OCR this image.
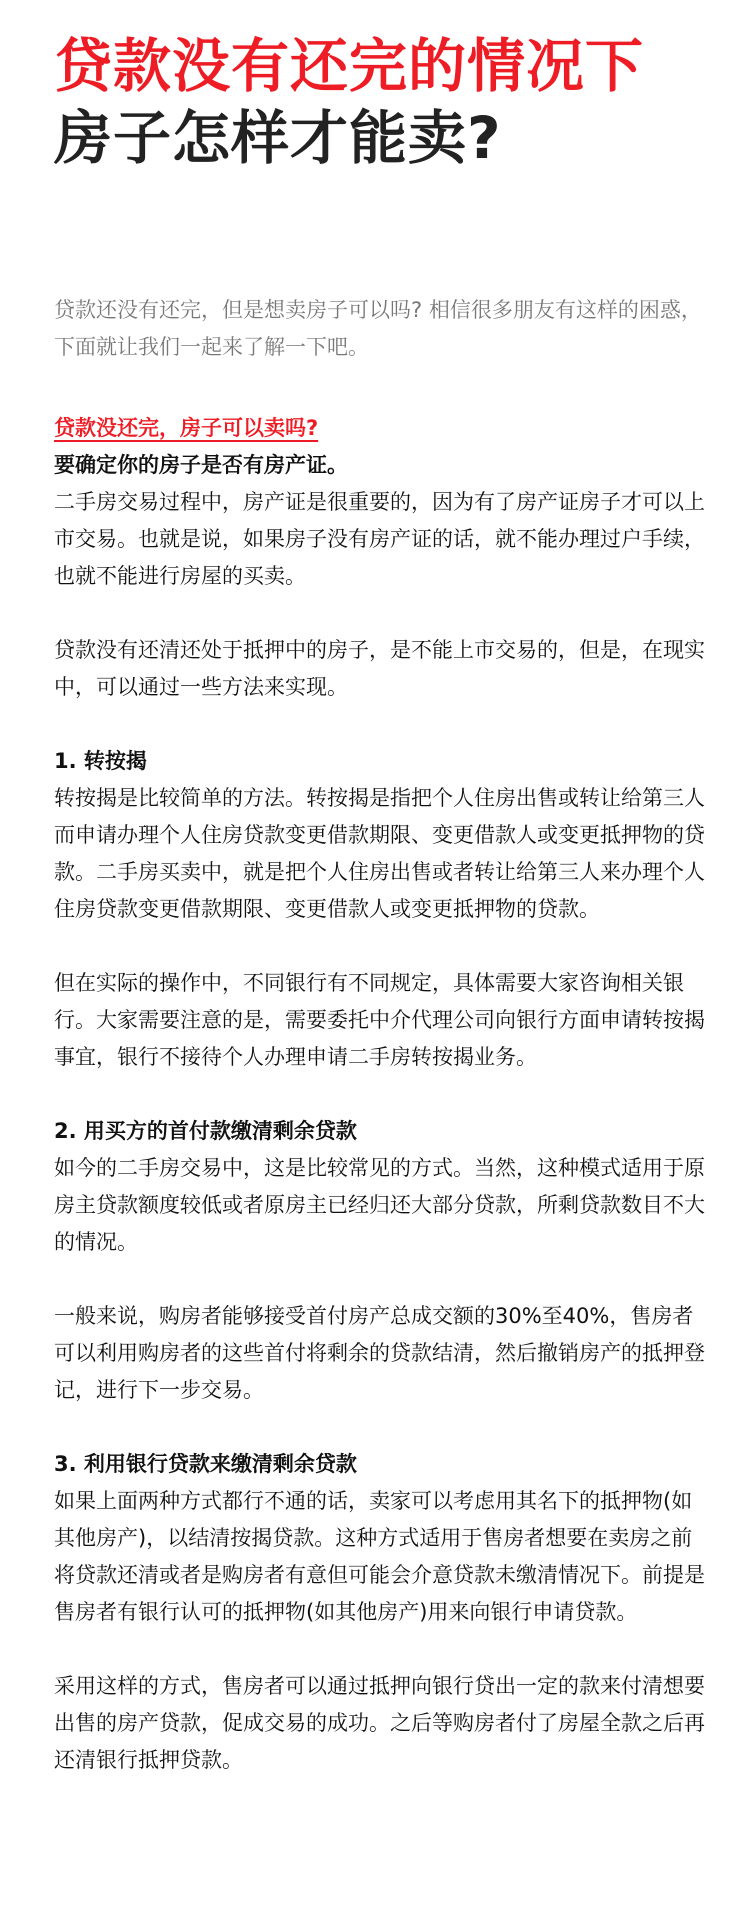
贷款没有还完的情况下
房子怎样才能卖?

贷款还没有还完，但是想卖房子可以吗? 相信很多朋友有这样的困惑，下面就让我们一起来了解一下吧。

贷款没还完，房子可以卖吗?

要确定你的房子是否有房产证。

二手房交易过程中，房产证是很重要的，因为有了房产证房子才可以上市交易。也就是说，如果房子没有房产证的话，就不能办理过户手续，也就不能进行房屋的买卖。

贷款没有还清还处于抵押中的房子，是不能上市交易的，但是，在现实中，可以通过一些方法来实现。

1. 转按揭

转按揭是比较简单的方法。转按揭是指把个人住房出售或转让给第三人而申请办理个人住房贷款变更借款期限、变更借款人或变更抵押物的贷款。二手房买卖中，就是把个人住房出售或者转让给第三人来办理个人住房贷款变更借款期限、变更借款人或变更抵押物的贷款。

但在实际的操作中，不同银行有不同规定，具体需要大家咨询相关银行。大家需要注意的是，需要委托中介代理公司向银行方面申请转按揭事宜，银行不接待个人办理申请二手房转按揭业务。

2. 用买方的首付款缴清剩余贷款

如今的二手房交易中，这是比较常见的方式。当然，这种模式适用于原房主贷款额度较低或者原房主已经归还大部分贷款，所剩贷款数目不大的情况。

一般来说，购房者能够接受首付房产总成交额的30%至40%，售房者可以利用购房者的这些首付将剩余的贷款结清，然后撤销房产的抵押登记，进行下一步交易。

3. 利用银行贷款来缴清剩余贷款

如果上面两种方式都行不通的话，卖家可以考虑用其名下的抵押物(如其他房产)，以结清按揭贷款。这种方式适用于售房者想要在卖房之前将贷款还清或者是购房者有意但可能会介意贷款未缴清情况下。前提是售房者有银行认可的抵押物(如其他房产)用来向银行申请贷款。

采用这样的方式，售房者可以通过抵押向银行贷出一定的款来付清想要出售的房产贷款，促成交易的成功。之后等购房者付了房屋全款之后再还清银行抵押贷款。
